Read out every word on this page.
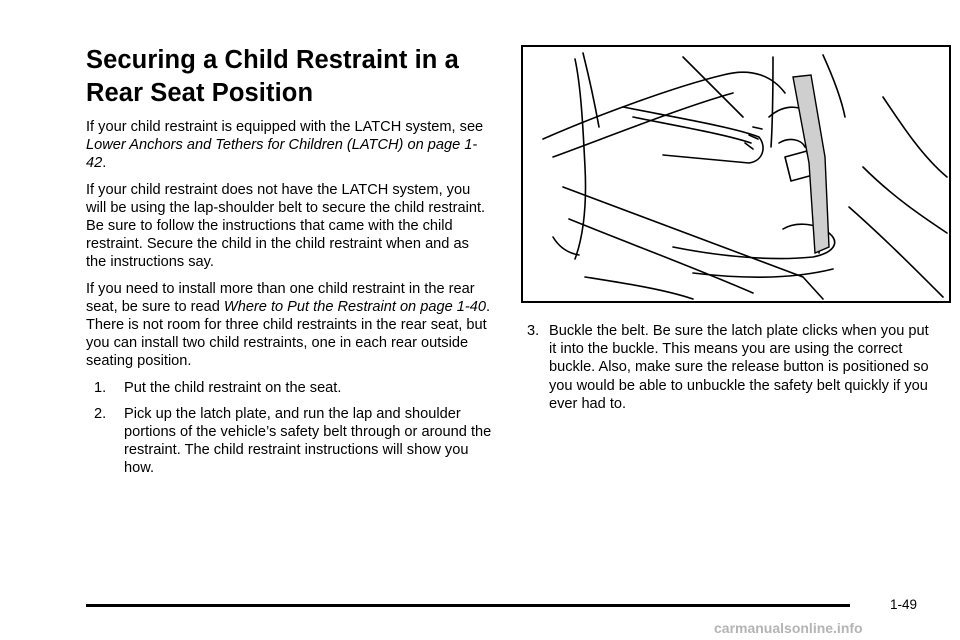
Securing a Child Restraint in a Rear Seat Position

If your child restraint is equipped with the LATCH system, see Lower Anchors and Tethers for Children (LATCH) on page 1-42.

If your child restraint does not have the LATCH system, you will be using the lap-shoulder belt to secure the child restraint. Be sure to follow the instructions that came with the child restraint. Secure the child in the child restraint when and as the instructions say.

If you need to install more than one child restraint in the rear seat, be sure to read Where to Put the Restraint on page 1-40. There is not room for three child restraints in the rear seat, but you can install two child restraints, one in each rear outside seating position.

1. Put the child restraint on the seat.
2. Pick up the latch plate, and run the lap and shoulder portions of the vehicle’s safety belt through or around the restraint. The child restraint instructions will show you how.
3. Buckle the belt. Be sure the latch plate clicks when you put it into the buckle. This means you are using the correct buckle. Also, make sure the release button is positioned so you would be able to unbuckle the safety belt quickly if you ever had to.
1-49
carmanualsonline.info
